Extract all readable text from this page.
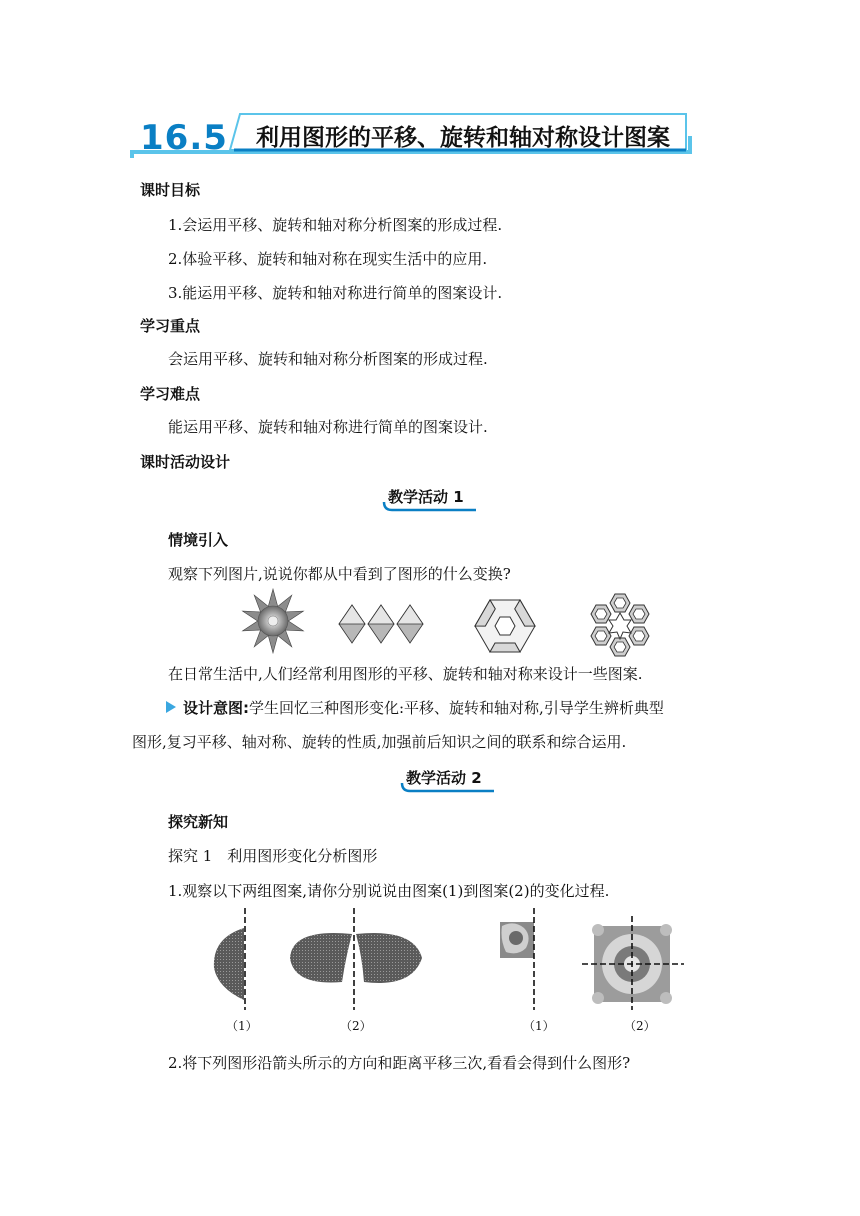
16.5 利用图形的平移、旋转和轴对称设计图案
课时目标
1.会运用平移、旋转和轴对称分析图案的形成过程.
2.体验平移、旋转和轴对称在现实生活中的应用.
3.能运用平移、旋转和轴对称进行简单的图案设计.
学习重点
会运用平移、旋转和轴对称分析图案的形成过程.
学习难点
能运用平移、旋转和轴对称进行简单的图案设计.
课时活动设计
教学活动 1
情境引入
观察下列图片,说说你都从中看到了图形的什么变换?
在日常生活中,人们经常利用图形的平移、旋转和轴对称来设计一些图案.
设计意图:学生回忆三种图形变化:平移、旋转和轴对称,引导学生辨析典型
图形,复习平移、轴对称、旋转的性质,加强前后知识之间的联系和综合运用.
教学活动 2
探究新知
探究 1　利用图形变化分析图形
1.观察以下两组图案,请你分别说说由图案(1)到图案(2)的变化过程.
（1）	（2）	（1）	（2）
2.将下列图形沿箭头所示的方向和距离平移三次,看看会得到什么图形?
